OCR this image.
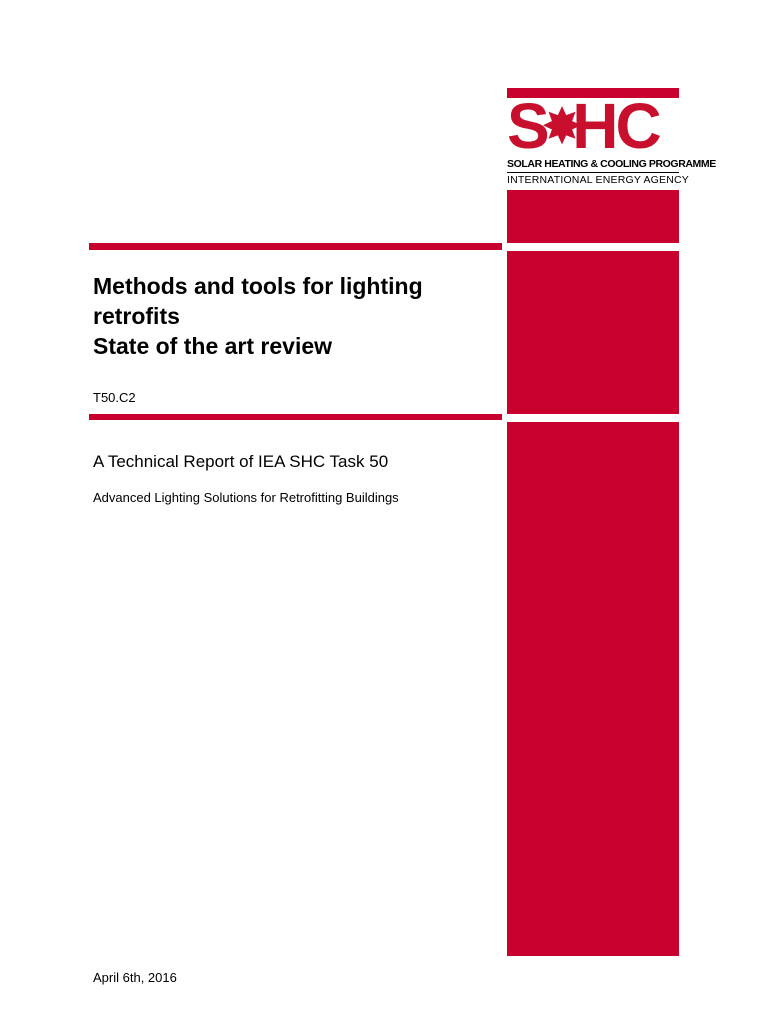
S✸HC
SOLAR HEATING & COOLING PROGRAMME
INTERNATIONAL ENERGY AGENCY
Methods and tools for lighting
retrofits
State of the art review
T50.C2
A Technical Report of IEA SHC Task 50
Advanced Lighting Solutions for Retrofitting Buildings
April 6th, 2016
